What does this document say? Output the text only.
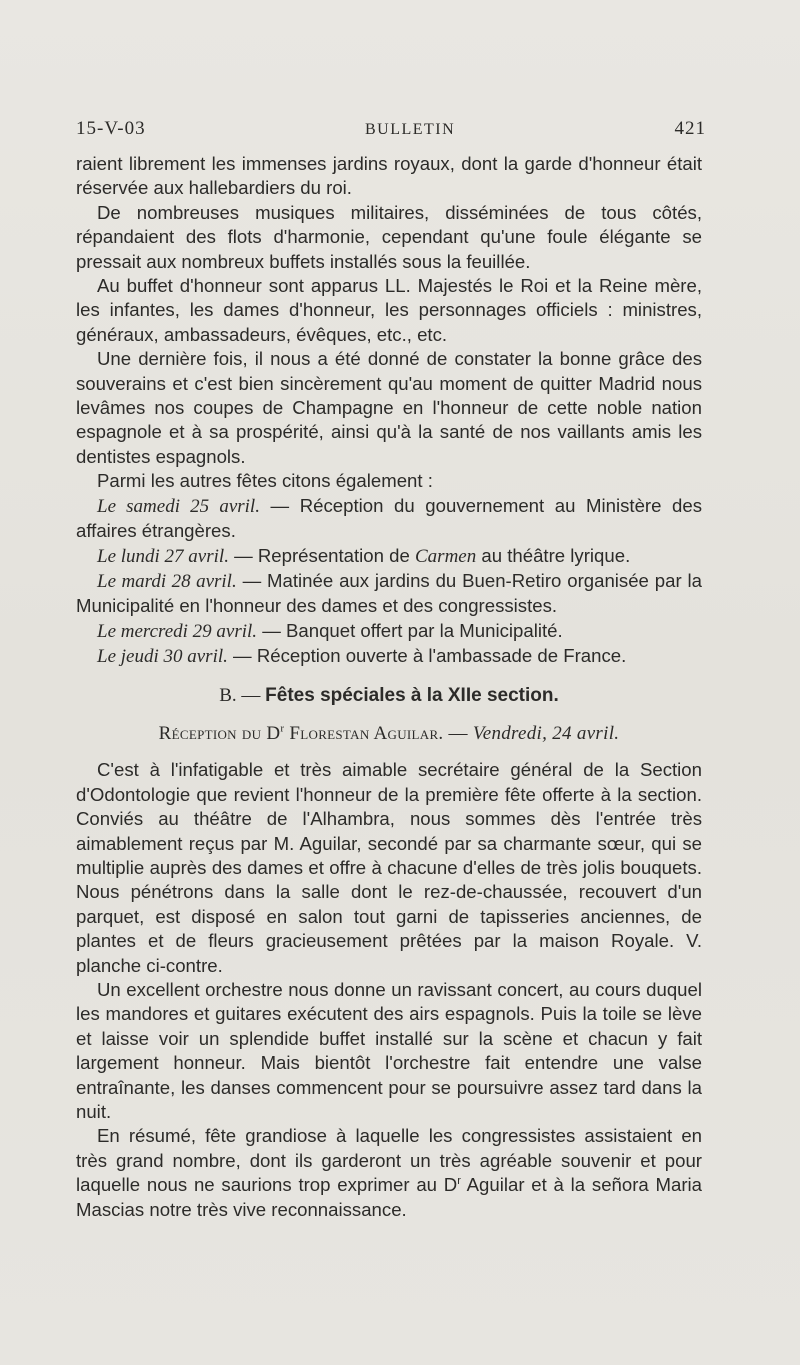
15-V-03	BULLETIN	421

raient librement les immenses jardins royaux, dont la garde d'honneur était réservée aux hallebardiers du roi.

De nombreuses musiques militaires, disséminées de tous côtés, répandaient des flots d'harmonie, cependant qu'une foule élégante se pressait aux nombreux buffets installés sous la feuillée.

Au buffet d'honneur sont apparus LL. Majestés le Roi et la Reine mère, les infantes, les dames d'honneur, les personnages officiels : ministres, généraux, ambassadeurs, évêques, etc., etc.

Une dernière fois, il nous a été donné de constater la bonne grâce des souverains et c'est bien sincèrement qu'au moment de quitter Madrid nous levâmes nos coupes de Champagne en l'honneur de cette noble nation espagnole et à sa prospérité, ainsi qu'à la santé de nos vaillants amis les dentistes espagnols.

Parmi les autres fêtes citons également :

Le samedi 25 avril. — Réception du gouvernement au Ministère des affaires étrangères.

Le lundi 27 avril. — Représentation de Carmen au théâtre lyrique.

Le mardi 28 avril. — Matinée aux jardins du Buen-Retiro organisée par la Municipalité en l'honneur des dames et des congressistes.

Le mercredi 29 avril. — Banquet offert par la Municipalité.

Le jeudi 30 avril. — Réception ouverte à l'ambassade de France.

B. — Fêtes spéciales à la XIIe section.
Réception du $D^r$ Florestan Aguilar. — Vendredi, 24 avril.

C'est à l'infatigable et très aimable secrétaire général de la Section d'Odontologie que revient l'honneur de la première fête offerte à la section. Conviés au théâtre de l'Alhambra, nous sommes dès l'entrée très aimablement reçus par M. Aguilar, secondé par sa charmante sœur, qui se multiplie auprès des dames et offre à chacune d'elles de très jolis bouquets. Nous pénétrons dans la salle dont le rez-de-chaussée, recouvert d'un parquet, est disposé en salon tout garni de tapisseries anciennes, de plantes et de fleurs gracieusement prêtées par la maison Royale. V. planche ci-contre.

Un excellent orchestre nous donne un ravissant concert, au cours duquel les mandores et guitares exécutent des airs espagnols. Puis la toile se lève et laisse voir un splendide buffet installé sur la scène et chacun y fait largement honneur. Mais bientôt l'orchestre fait entendre une valse entraînante, les danses commencent pour se poursuivre assez tard dans la nuit.

En résumé, fête grandiose à laquelle les congressistes assistaient en très grand nombre, dont ils garderont un très agréable souvenir et pour laquelle nous ne saurions trop exprimer au $D^r$ Aguilar et à la señora Maria Mascias notre très vive reconnaissance.
